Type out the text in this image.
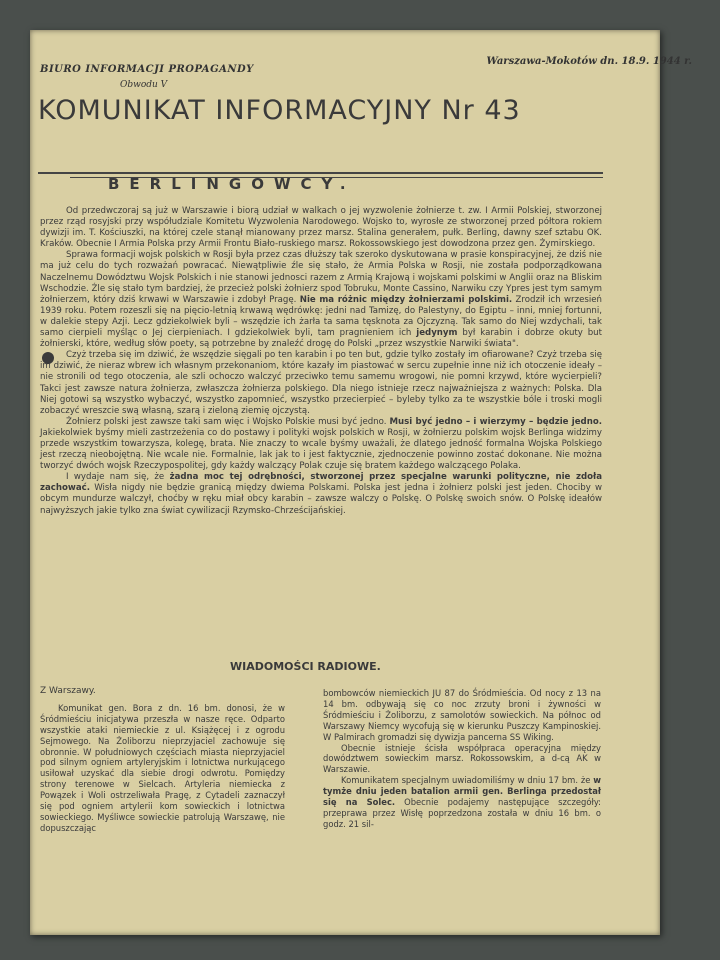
BIURO INFORMACJI PROPAGANDY
Obwodu V
Warszawa-Mokotów dn. 18.9. 1944 r.
KOMUNIKAT INFORMACYJNY Nr 43
BERLINGOWCY.

Od przedwczoraj są już w Warszawie i biorą udział w walkach o jej wyzwolenie żołnierze t. zw. I Armii Polskiej, stworzonej przez rząd rosyjski przy współudziale Komitetu Wyzwolenia Narodowego. Wojsko to, wyrosłe ze stworzonej przed półtora rokiem dywizji im. T. Kościuszki, na której czele stanął mianowany przez marsz. Stalina generałem, pułk. Berling, dawny szef sztabu OK. Kraków. Obecnie I Armia Polska przy Armii Frontu Biało-ruskiego marsz. Rokossowskiego jest dowodzona przez gen. Żymirskiego.

Sprawa formacji wojsk polskich w Rosji była przez czas dłuższy tak szeroko dyskutowana w prasie konspiracyjnej, że dziś nie ma już celu do tych rozważań powracać. Niewątpliwie źle się stało, że Armia Polska w Rosji, nie została podporządkowana Naczelnemu Dowództwu Wojsk Polskich i nie stanowi jednosci razem z Armią Krajową i wojskami polskimi w Anglii oraz na Bliskim Wschodzie. Źle się stało tym bardziej, że przecież polski żołnierz spod Tobruku, Monte Cassino, Narwiku czy Ypres jest tym samym żołnierzem, który dziś krwawi w Warszawie i zdobył Pragę. Nie ma różnic między żołnierzami polskimi. Zrodził ich wrzesień 1939 roku. Potem rozeszli się na pięcio-letnią krwawą wędrówkę: jedni nad Tamizę, do Palestyny, do Egiptu – inni, mniej fortunni, w dalekie stepy Azji. Lecz gdziekolwiek byli – wszędzie ich żarła ta sama tęsknota za Ojczyzną. Tak samo do Niej wzdychali, tak samo cierpieli myśląc o Jej cierpieniach. I gdziekolwiek byli, tam pragnieniem ich jedynym był karabin i dobrze okuty but żołnierski, które, według słów poety, są potrzebne by znaleźć drogę do Polski „przez wszystkie Narwiki świata".

Czyż trzeba się im dziwić, że wszędzie sięgali po ten karabin i po ten but, gdzie tylko zostały im ofiarowane? Czyż trzeba się im dziwić, że nieraz wbrew ich własnym przekonaniom, które kazały im piastować w sercu zupełnie inne niż ich otoczenie ideały – nie stronili od tego otoczenia, ale szli ochoczo walczyć przeciwko temu samemu wrogowi, nie pomni krzywd, które wycierpieli? Takci jest zawsze natura żołnierza, zwłaszcza żołnierza polskiego. Dla niego istnieje rzecz najważniejsza z ważnych: Polska. Dla Niej gotowi są wszystko wybaczyć, wszystko zapomnieć, wszystko przecierpieć – byleby tylko za te wszystkie bóle i troski mogli zobaczyć wreszcie swą własną, szarą i zieloną ziemię ojczystą.

Żołnierz polski jest zawsze taki sam więc i Wojsko Polskie musi być jedno. Musi być jedno – i wierzymy – będzie jedno. Jakiekolwiek byśmy mieli zastrzeżenia co do postawy i polityki wojsk polskich w Rosji, w żołnierzu polskim wojsk Berlinga widzimy przede wszystkim towarzysza, kolegę, brata. Nie znaczy to wcale byśmy uważali, że dlatego jedność formalna Wojska Polskiego jest rzeczą nieobojętną. Nie wcale nie. Formalnie, lak jak to i jest faktycznie, zjednoczenie powinno zostać dokonane. Nie można tworzyć dwóch wojsk Rzeczypospolitej, gdy każdy walczący Polak czuje się bratem każdego walczącego Polaka.

I wydaje nam się, że żadna moc tej odrębności, stworzonej przez specjalne warunki polityczne, nie zdoła zachować. Wisła nigdy nie będzie granicą między dwiema Polskami. Polska jest jedna i żołnierz polski jest jeden. Chociby w obcym mundurze walczył, choćby w ręku miał obcy karabin – zawsze walczy o Polskę. O Polskę swoich snów. O Polskę ideałów najwyższych jakie tylko zna świat cywilizacji Rzymsko-Chrześcijańskiej.

WIADOMOŚCI RADIOWE.

Z Warszawy.

Komunikat gen. Bora z dn. 16 bm. donosi, że w Śródmieściu inicjatywa przeszła w nasze ręce. Odparto wszystkie ataki niemieckie z ul. Książęcej i z ogrodu Sejmowego. Na Żoliborzu nieprzyjaciel zachowuje się obronnie. W południowych częściach miasta nieprzyjaciel pod silnym ogniem artyleryjskim i lotnictwa nurkującego usiłował uzyskać dla siebie drogi odwrotu. Pomiędzy strony terenowe w Sielcach. Artyleria niemiecka z Powązek i Woli ostrzeliwała Pragę, z Cytadeli zaznaczył się pod ogniem artylerii kom sowieckich i lotnictwa sowieckiego. Myśliwce sowieckie patrolują Warszawę, nie dopuszczając

bombowców niemieckich JU 87 do Śródmieścia. Od nocy z 13 na 14 bm. odbywają się co noc zrzuty broni i żywności w Śródmieściu i Żoliborzu, z samolotów sowieckich. Na północ od Warszawy Niemcy wycofują się w kierunku Puszczy Kampinoskiej. W Palmirach gromadzi się dywizja pancerna SS Wiking.

Obecnie istnieje ścisła współpraca operacyjna między dowództwem sowieckim marsz. Rokossowskim, a d-cą AK w Warszawie.

Komunikatem specjalnym uwiadomiliśmy w dniu 17 bm. że w tymże dniu jeden batalion armii gen. Berlinga przedostał się na Solec. Obecnie podajemy następujące szczegóły: przeprawa przez Wisłę poprzedzona została w dniu 16 bm. o godz. 21 sil-
